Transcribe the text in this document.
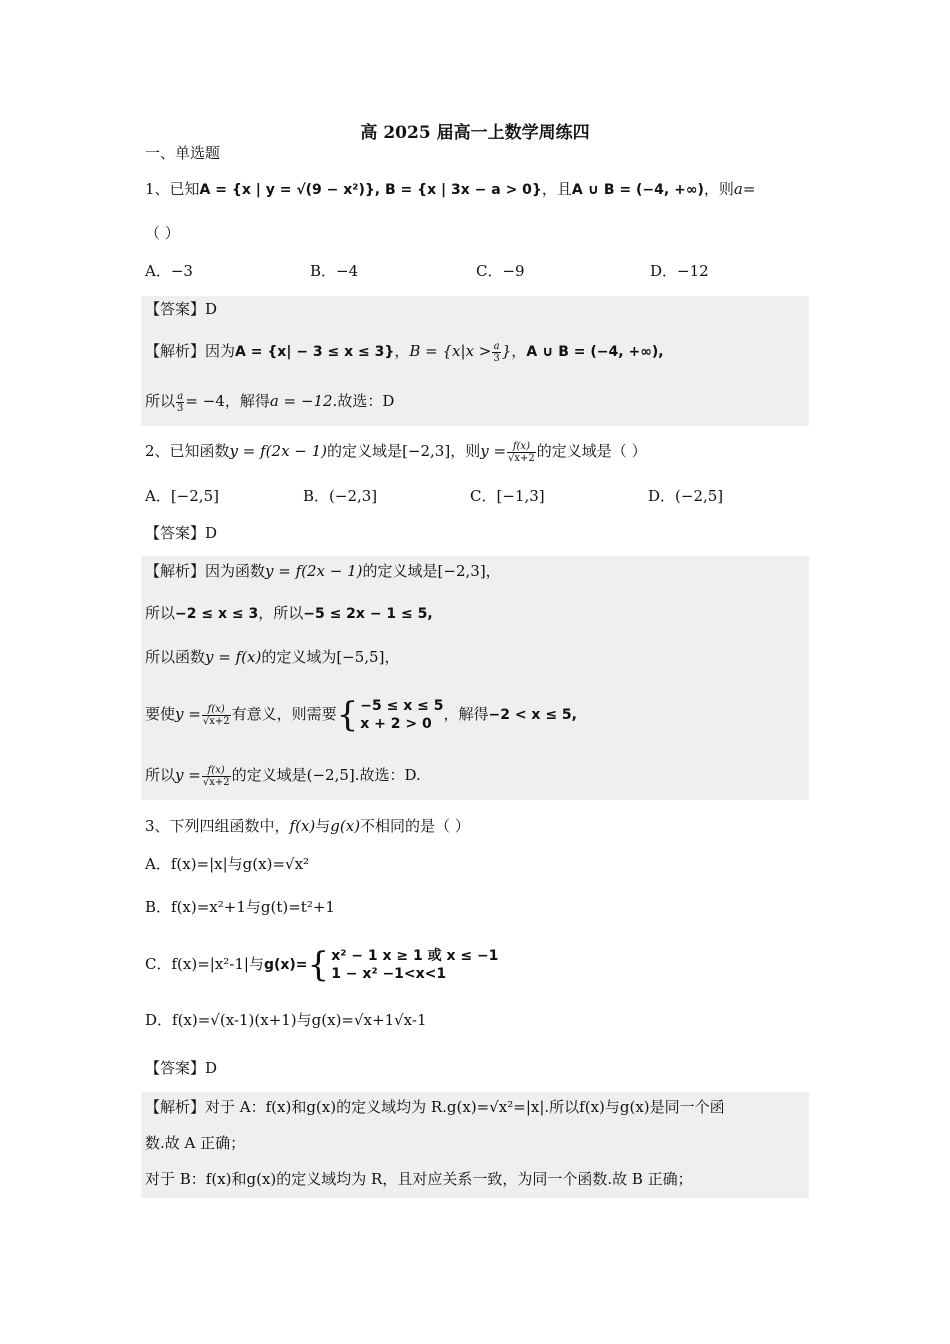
高 2025 届高一上数学周练四
一、单选题
1、已知A = {x | y = √(9 − x²)}, B = {x | 3x − a > 0}，且A ∪ B = (−4, +∞)，则a=
（ ）
A．−3	B．−4	C．−9	D．−12
【答案】D
【解析】因为A = {x| − 3 ≤ x ≤ 3}，$B = \{x|x > \frac{a}{3}$ }，A ∪ B = (−4, +∞),
所以 $\frac{a}{3} = -4$，解得a = −12.故选：D
2、已知函数y = f(2x − 1)的定义域是[−2,3]，则$y = \frac{f(x)}{√x+2}$ 的定义域是（ ）
A．[−2,5]	B．(−2,3]	C．[−1,3]	D．(−2,5]
【答案】D
【解析】因为函数y = f(2x − 1)的定义域是[−2,3]，
所以−2 ≤ x ≤ 3，所以−5 ≤ 2x − 1 ≤ 5,
所以函数y = f(x)的定义域为[−5,5]，
要使$y = \frac{f(x)}{√x+2}$ 有意义，则需要 { −5 ≤ x ≤ 5
x + 2 > 0
，解得−2 < x ≤ 5,
所以$y = \frac{f(x)}{√x+2}$ 的定义域是(−2,5].故选：D.
3、下列四组函数中，f(x)与g(x)不相同的是（ ）
A．f(x)=|x|与g(x)=√x²
B．f(x)=x²+1与g(t)=t²+1
C．f(x)=|x²-1|与g(x)= { x² − 1 x ≥ 1 或 x ≤ −1
1 − x² −1<x<1
D．f(x)=√(x-1)(x+1)与g(x)=√x+1√x-1
【答案】D
【解析】对于 A：f(x)和g(x)的定义域均为 R.g(x)=√x²=|x|.所以f(x)与g(x)是同一个函
数.故 A 正确；
对于 B：f(x)和g(x)的定义域均为 R，且对应关系一致，为同一个函数.故 B 正确；
